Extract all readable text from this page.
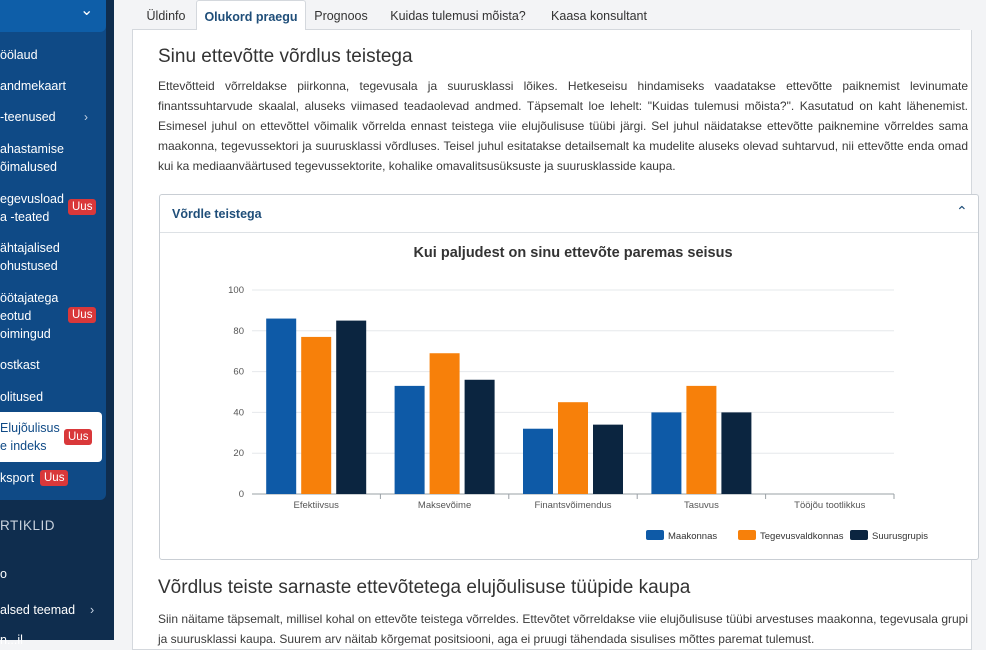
⌄
öölaud
andmekaart
-teenused ›
ahastamise
õimalused
egevusload
a -teated
Uus
ähtajalised
ohustused
öötajatega
eotud
oimingud
Uus
ostkast
olitused
Elujõulisus
e indeks
Uus
ksport Uus
RTIKLID
o
alsed teemad ›
n...il
Üldinfo	Olukord praegu	Prognoos	Kuidas tulemusi mõista?	Kaasa konsultant
Sinu ettevõtte võrdlus teistega
Ettevõtteid võrreldakse piirkonna, tegevusala ja suurusklassi lõikes. Hetkeseisu hindamiseks vaadatakse ettevõtte paiknemist levinumate finantssuhtarvude skaalal, aluseks viimased teadaolevad andmed. Täpsemalt loe lehelt: "Kuidas tulemusi mõista?". Kasutatud on kaht lähenemist. Esimesel juhul on ettevõttel võimalik võrrelda ennast teistega viie elujõulisuse tüübi järgi. Sel juhul näidatakse ettevõtte paiknemine võrreldes sama maakonna, tegevussektori ja suurusklassi võrdluses. Teisel juhul esitatakse detailsemalt ka mudelite aluseks olevad suhtarvud, nii ettevõtte enda omad kui ka mediaanväärtused tegevussektorite, kohalike omavalitsusüksuste ja suurusklasside kaupa.
Võrdle teistega	⌃
Kui paljudest on sinu ettevõte paremas seisus
0
20
40
60
80
100
Efektiivsus	Maksevõime	Finantsvõimendus	Tasuvus	Tööjõu tootlikkus
Maakonnas	Tegevusvaldkonnas	Suurusgrupis
Võrdlus teiste sarnaste ettevõtetega elujõulisuse tüüpide kaupa
Siin näitame täpsemalt, millisel kohal on ettevõte teistega võrreldes. Ettevõtet võrreldakse viie elujõulisuse tüübi arvestuses maakonna, tegevusala grupi ja suurusklassi kaupa. Suurem arv näitab kõrgemat positsiooni, aga ei pruugi tähendada sisulises mõttes paremat tulemust.
